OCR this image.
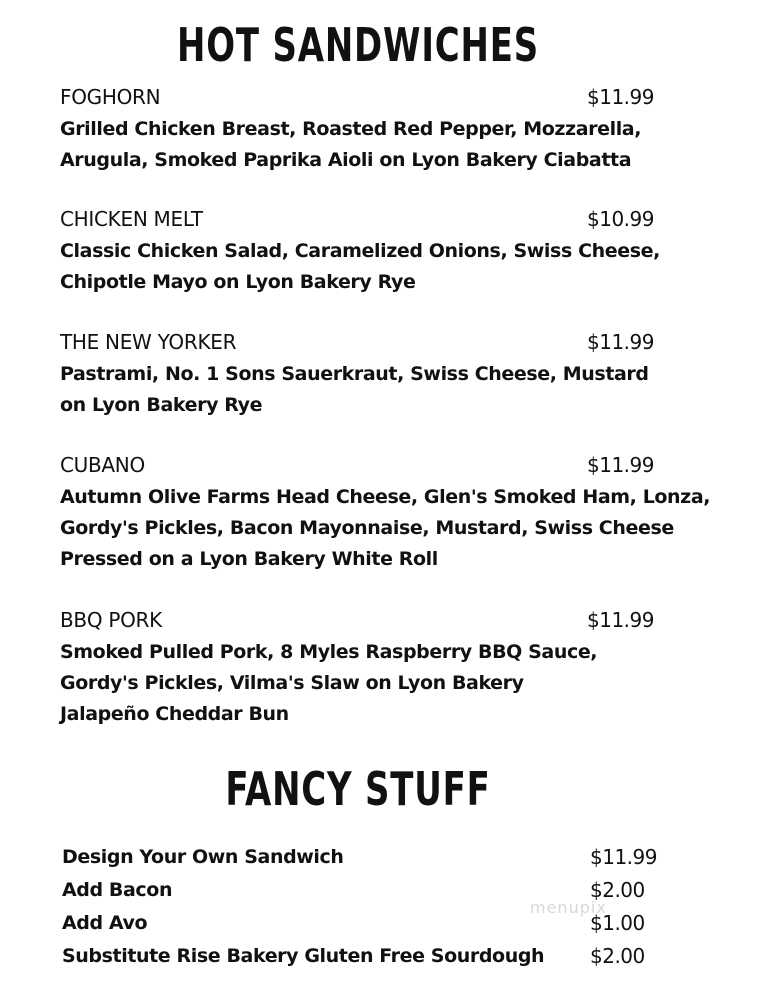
HOT SANDWICHES
FOGHORN	$11.99
Grilled Chicken Breast, Roasted Red Pepper, Mozzarella,
Arugula, Smoked Paprika Aioli on Lyon Bakery Ciabatta
CHICKEN MELT	$10.99
Classic Chicken Salad, Caramelized Onions, Swiss Cheese,
Chipotle Mayo on Lyon Bakery Rye
THE NEW YORKER	$11.99
Pastrami, No. 1 Sons Sauerkraut, Swiss Cheese, Mustard
on Lyon Bakery Rye
CUBANO	$11.99
Autumn Olive Farms Head Cheese, Glen's Smoked Ham, Lonza,
Gordy's Pickles, Bacon Mayonnaise, Mustard, Swiss Cheese
Pressed on a Lyon Bakery White Roll
BBQ PORK	$11.99
Smoked Pulled Pork, 8 Myles Raspberry BBQ Sauce,
Gordy's Pickles, Vilma's Slaw on Lyon Bakery
Jalapeño Cheddar Bun
FANCY STUFF
Design Your Own Sandwich	$11.99
Add Bacon	$2.00
Add Avo	$1.00
Substitute Rise Bakery Gluten Free Sourdough $2.00
menupix
